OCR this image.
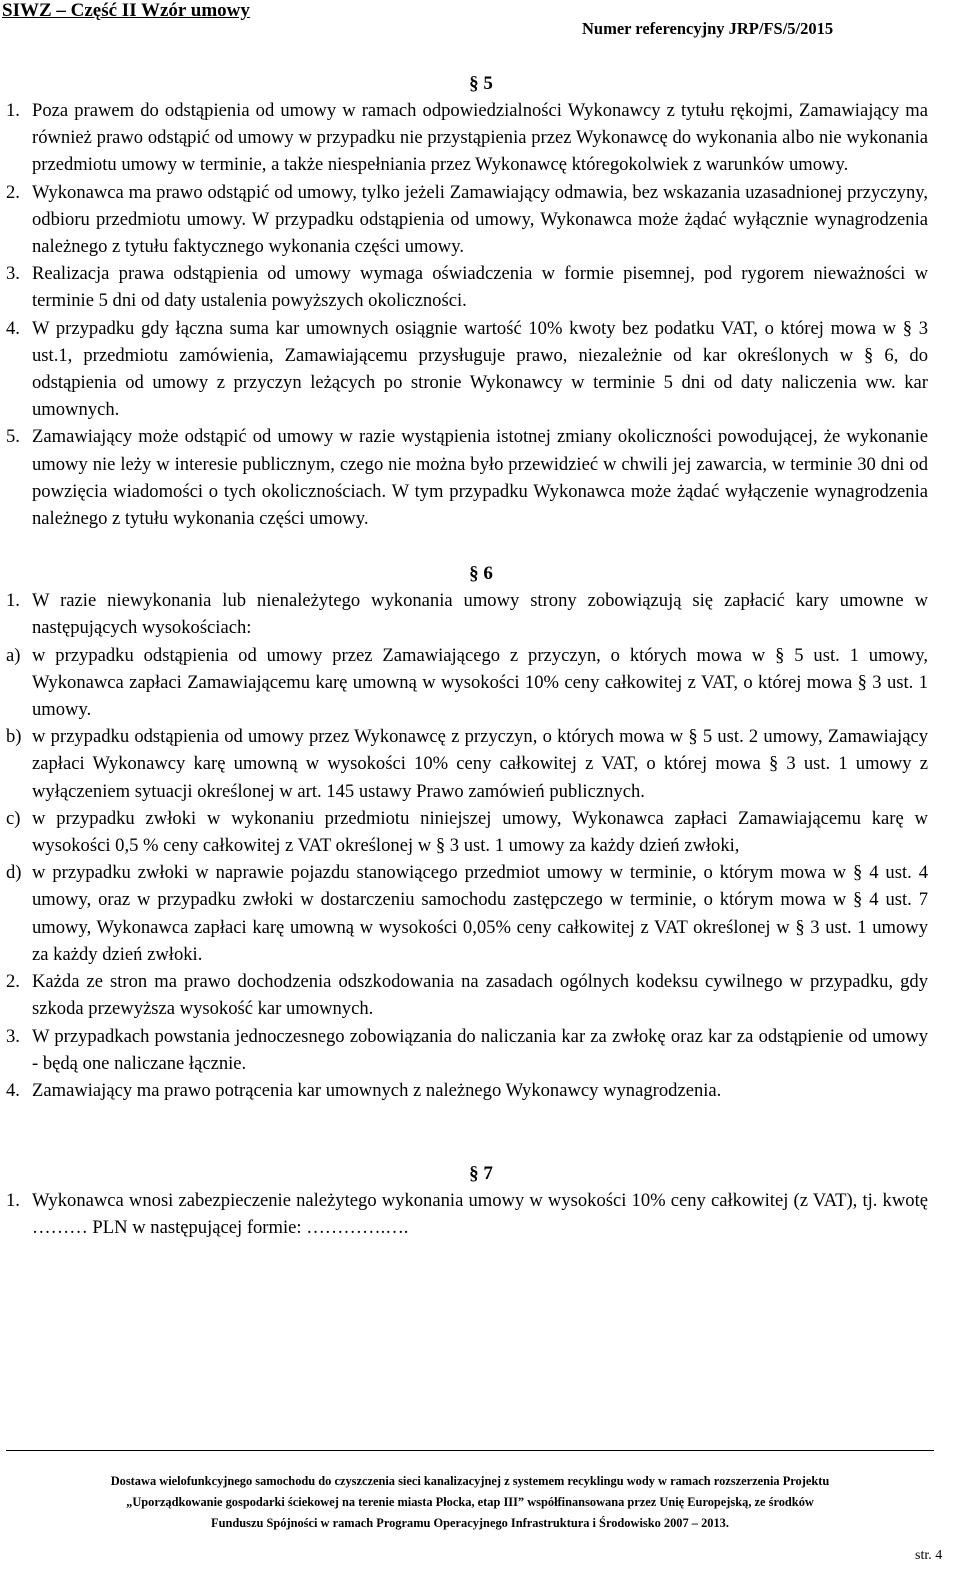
SIWZ – Część II Wzór umowy
Numer referencyjny JRP/FS/5/2015
§ 5
1. Poza prawem do odstąpienia od umowy w ramach odpowiedzialności Wykonawcy z tytułu rękojmi, Zamawiający ma również prawo odstąpić od umowy w przypadku nie przystąpienia przez Wykonawcę do wykonania albo nie wykonania przedmiotu umowy w terminie, a także niespełniania przez Wykonawcę któregokolwiek z warunków umowy.
2. Wykonawca ma prawo odstąpić od umowy, tylko jeżeli Zamawiający odmawia, bez wskazania uzasadnionej przyczyny, odbioru przedmiotu umowy. W przypadku odstąpienia od umowy, Wykonawca może żądać wyłącznie wynagrodzenia należnego z tytułu faktycznego wykonania części umowy.
3. Realizacja prawa odstąpienia od umowy wymaga oświadczenia w formie pisemnej, pod rygorem nieważności w terminie 5 dni od daty ustalenia powyższych okoliczności.
4. W przypadku gdy łączna suma kar umownych osiągnie wartość 10% kwoty bez podatku VAT, o której mowa w § 3 ust.1, przedmiotu zamówienia, Zamawiającemu przysługuje prawo, niezależnie od kar określonych w § 6, do odstąpienia od umowy z przyczyn leżących po stronie Wykonawcy w terminie 5 dni od daty naliczenia ww. kar umownych.
5. Zamawiający może odstąpić od umowy w razie wystąpienia istotnej zmiany okoliczności powodującej, że wykonanie umowy nie leży w interesie publicznym, czego nie można było przewidzieć w chwili jej zawarcia, w terminie 30 dni od powzięcia wiadomości o tych okolicznościach. W tym przypadku Wykonawca może żądać wyłączenie wynagrodzenia należnego z tytułu wykonania części umowy.
§ 6
1. W razie niewykonania lub nienależytego wykonania umowy strony zobowiązują się zapłacić kary umowne w następujących wysokościach:
a) w przypadku odstąpienia od umowy przez Zamawiającego z przyczyn, o których mowa w § 5 ust. 1 umowy, Wykonawca zapłaci Zamawiającemu karę umowną w wysokości 10% ceny całkowitej z VAT, o której mowa § 3 ust. 1 umowy.
b) w przypadku odstąpienia od umowy przez Wykonawcę z przyczyn, o których mowa w § 5 ust. 2 umowy, Zamawiający zapłaci Wykonawcy karę umowną w wysokości 10% ceny całkowitej z VAT, o której mowa § 3 ust. 1 umowy z wyłączeniem sytuacji określonej w art. 145 ustawy Prawo zamówień publicznych.
c) w przypadku zwłoki w wykonaniu przedmiotu niniejszej umowy, Wykonawca zapłaci Zamawiającemu karę w wysokości 0,5 % ceny całkowitej z VAT określonej w § 3 ust. 1 umowy za każdy dzień zwłoki,
d) w przypadku zwłoki w naprawie pojazdu stanowiącego przedmiot umowy w terminie, o którym mowa w § 4 ust. 4 umowy, oraz w przypadku zwłoki w dostarczeniu samochodu zastępczego w terminie, o którym mowa w § 4 ust. 7 umowy, Wykonawca zapłaci karę umowną w wysokości 0,05% ceny całkowitej z VAT określonej w § 3 ust. 1 umowy za każdy dzień zwłoki.
2. Każda ze stron ma prawo dochodzenia odszkodowania na zasadach ogólnych kodeksu cywilnego w przypadku, gdy szkoda przewyższa wysokość kar umownych.
3. W przypadkach powstania jednoczesnego zobowiązania do naliczania kar za zwłokę oraz kar za odstąpienie od umowy - będą one naliczane łącznie.
4. Zamawiający ma prawo potrącenia kar umownych z należnego Wykonawcy wynagrodzenia.
§ 7
1. Wykonawca wnosi zabezpieczenie należytego wykonania umowy w wysokości 10% ceny całkowitej (z VAT), tj. kwotę ……… PLN w następującej formie: ………….….
Dostawa wielofunkcyjnego samochodu do czyszczenia sieci kanalizacyjnej z systemem recyklingu wody w ramach rozszerzenia Projektu
„Uporządkowanie gospodarki ściekowej na terenie miasta Płocka, etap III” współfinansowana przez Unię Europejską, ze środków
Funduszu Spójności w ramach Programu Operacyjnego Infrastruktura i Środowisko 2007 – 2013.
str. 4
